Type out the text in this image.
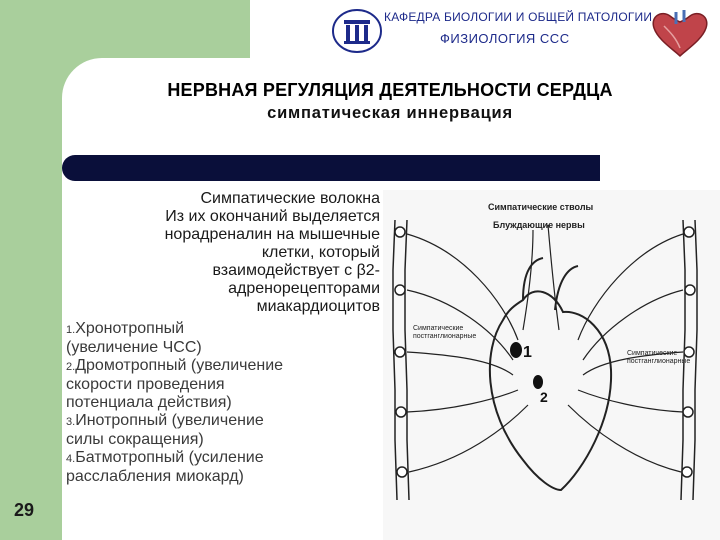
КАФЕДРА БИОЛОГИИ И ОБЩЕЙ ПАТОЛОГИИ
ФИЗИОЛОГИЯ ССС
НЕРВНАЯ РЕГУЛЯЦИЯ ДЕЯТЕЛЬНОСТИ СЕРДЦА
симпатическая иннервация
Симпатические волокна
Из их окончаний выделяется
норадреналин на мышечные
клетки, который
взаимодействует с β2-
адренорецепторами
миакардиоцитов
1.Хронотропный
(увеличение ЧСС)
2.Дромотропный (увеличение
скорости проведения
потенциала действия)
3.Инотропный (увеличение
силы сокращения)
4.Батмотропный (усиление
расслабления миокард)
29
1
2
Симпатические стволы
Блуждающие нервы
Симпатические
постганглионарные
Симпатические
постганглионарные
